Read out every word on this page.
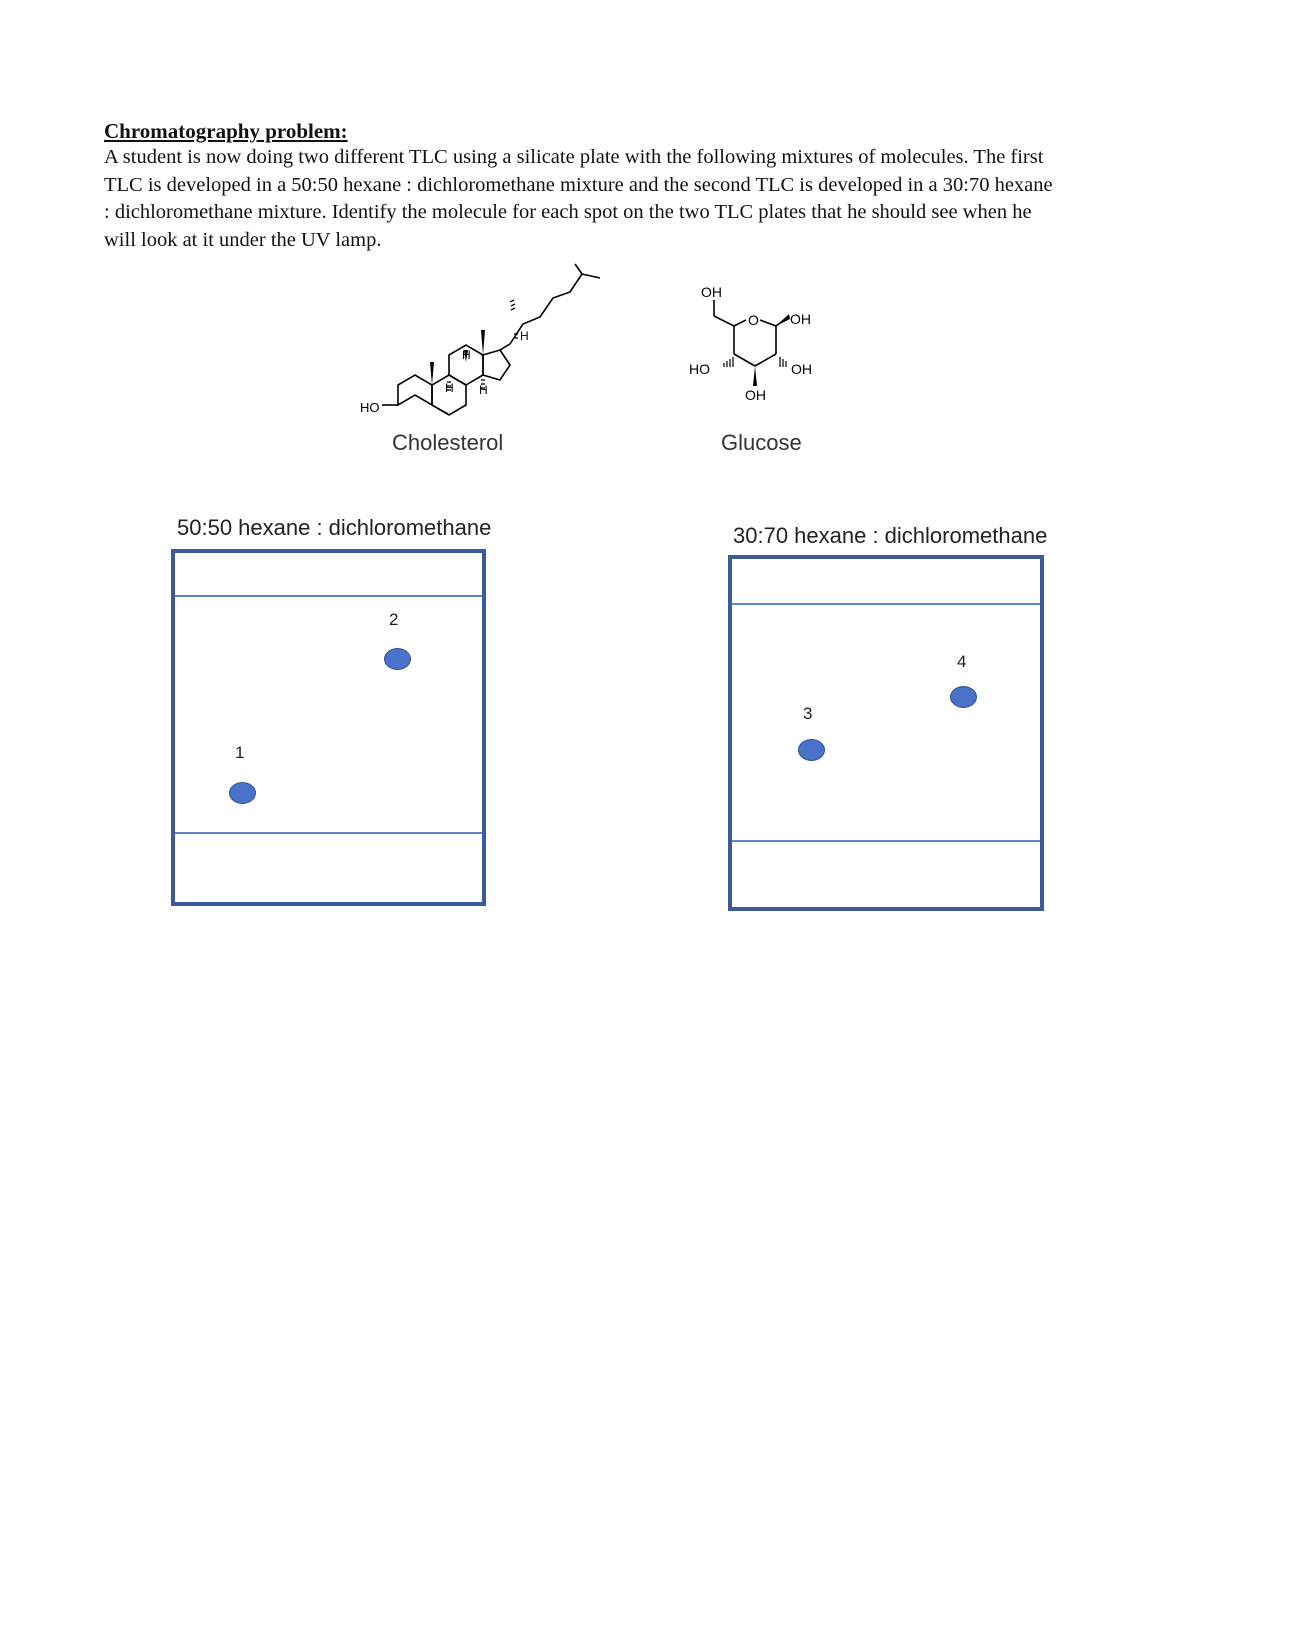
Chromatography problem:
A student is now doing two different TLC using a silicate plate with the following mixtures of molecules. The first
TLC is developed in a 50:50 hexane : dichloromethane mixture and the second TLC is developed in a 30:70 hexane
: dichloromethane mixture. Identify the molecule for each spot on the two TLC plates that he should see when he
will look at it under the UV lamp.
HO
H
H H
H
Cholesterol
OH
O OH
HO	OH
OH
Glucose
50:50 hexane : dichloromethane
1
2
30:70 hexane : dichloromethane
3
4
